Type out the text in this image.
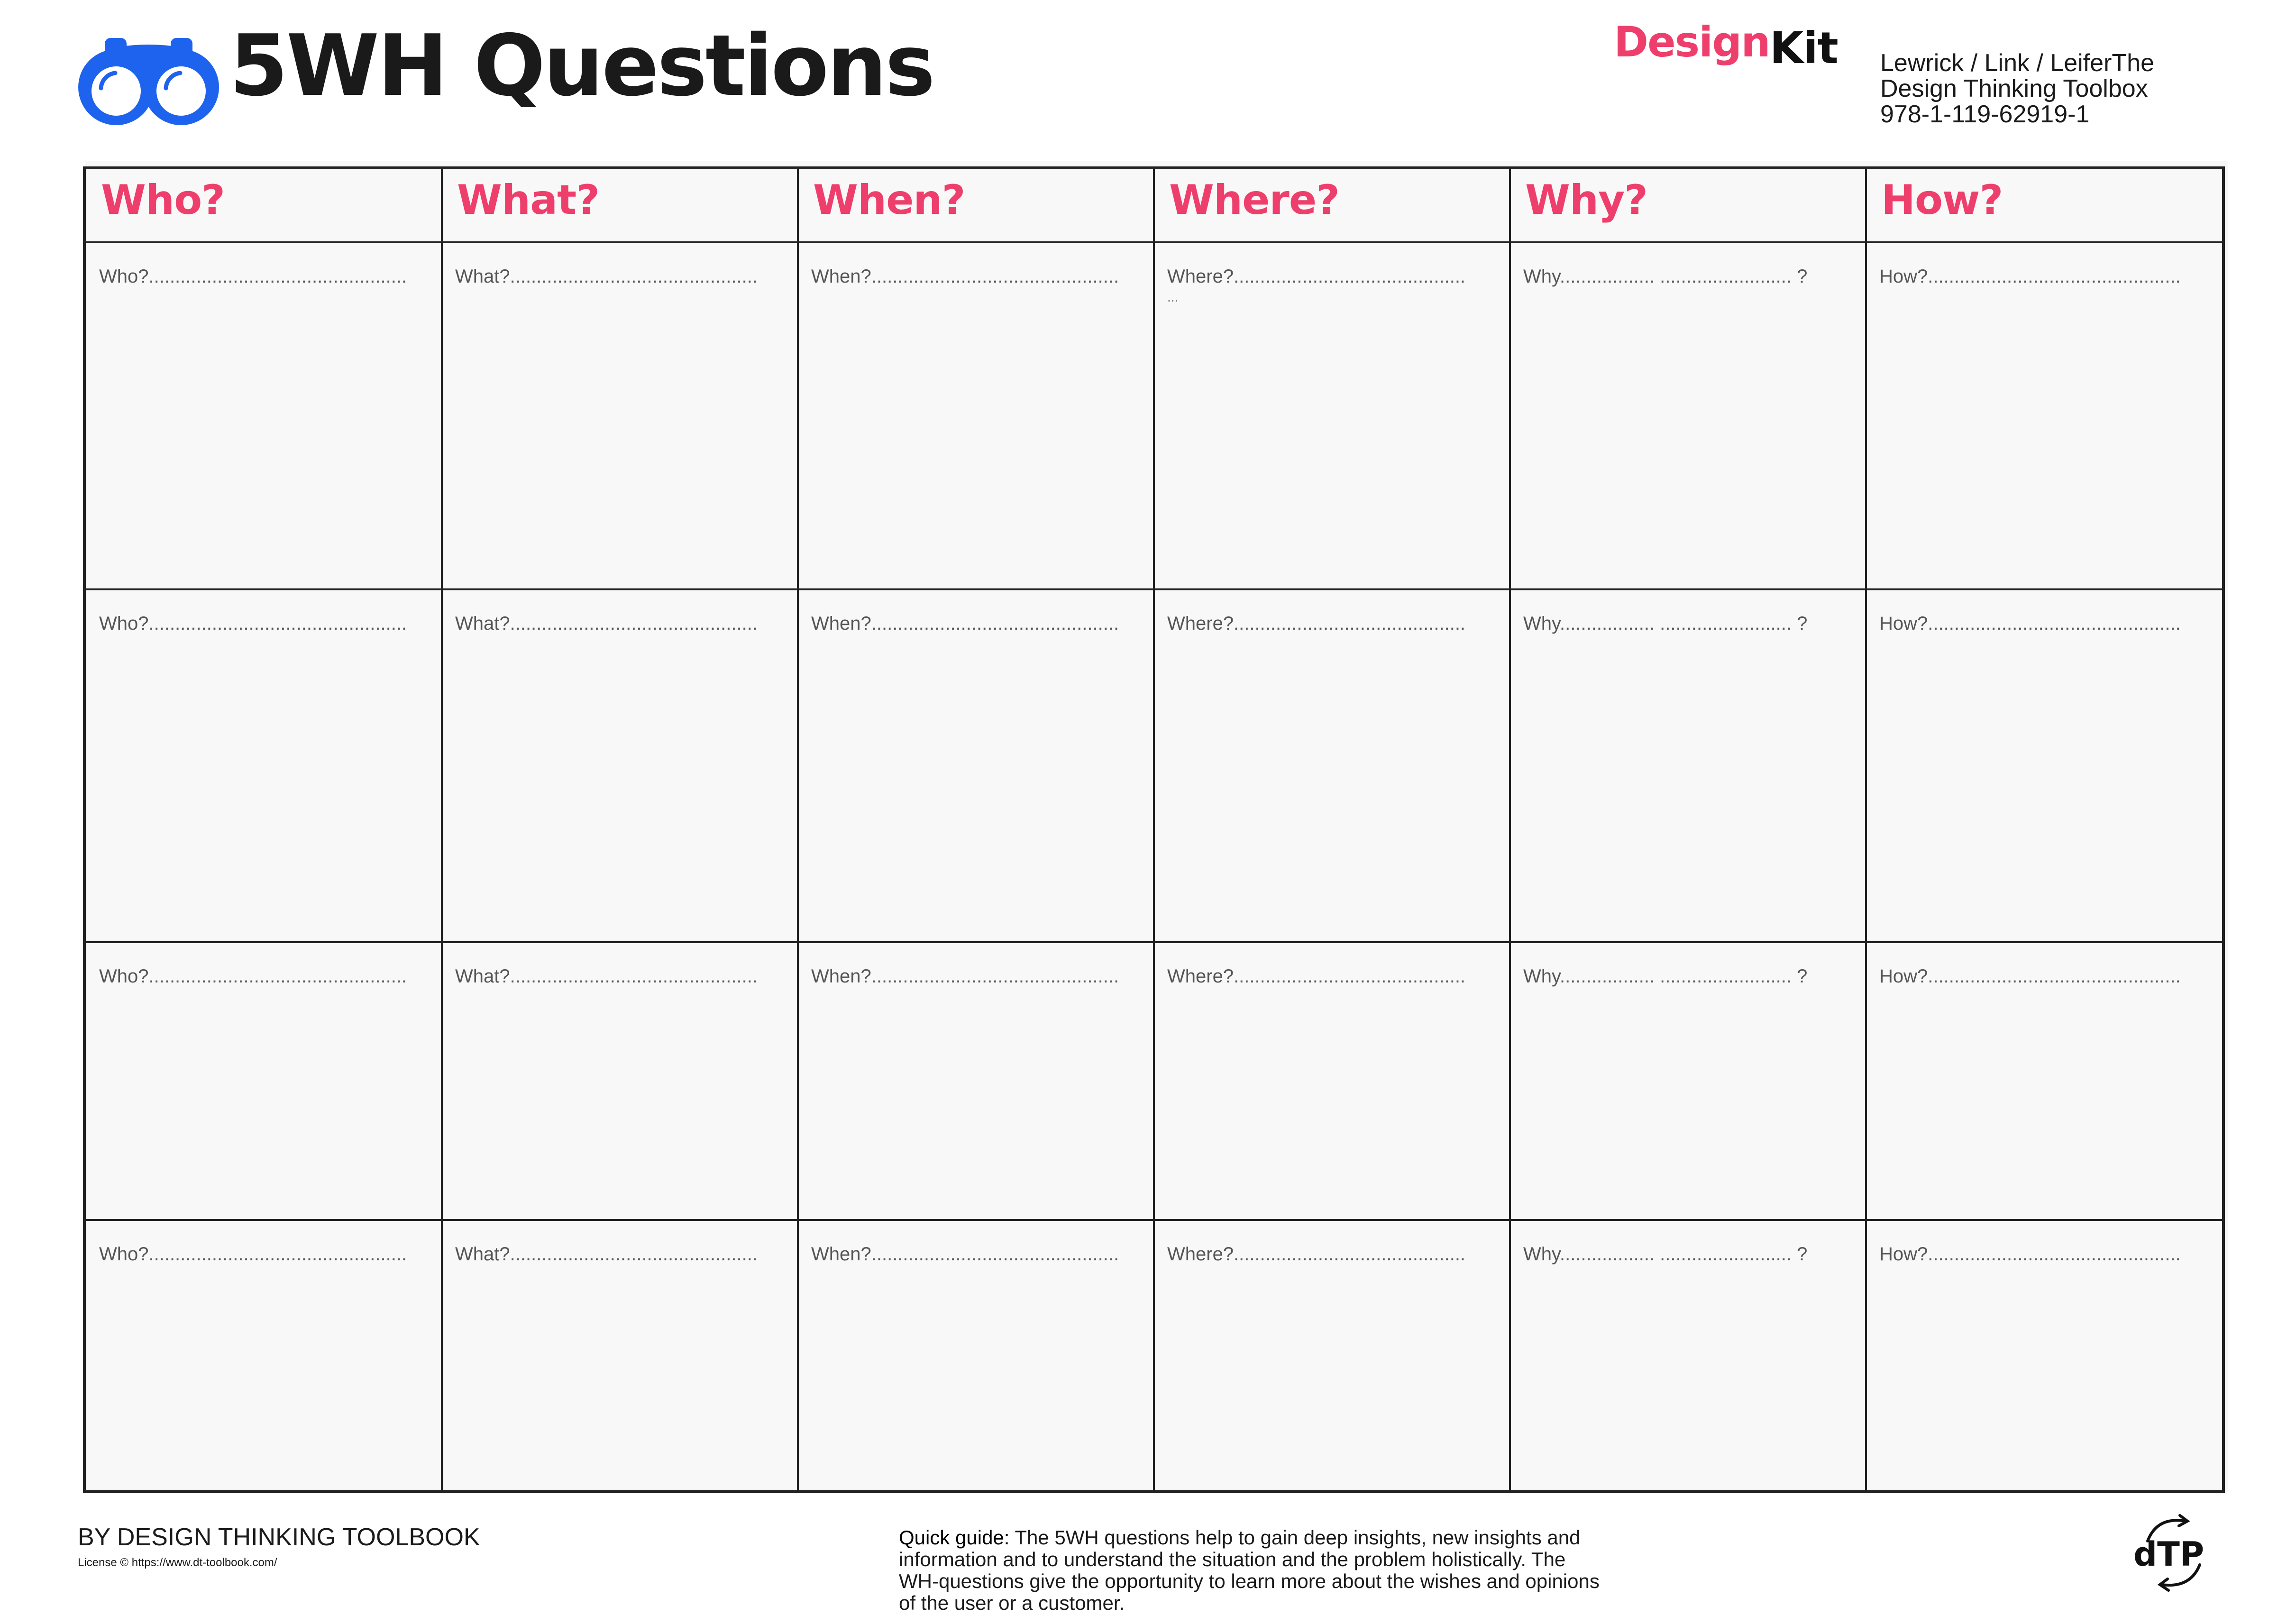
5WH Questions	DesignKit Lewrick / Link / LeiferThe
Design Thinking Toolbox
978-1-119-62919-1
Who?
Who?.................................................
Who?.................................................
Who?.................................................
Who?.................................................
What?
What?...............................................
What?...............................................
What?...............................................
What?...............................................
When?
When?...............................................
When?...............................................
When?...............................................
When?...............................................
Where?
Where?............................................
Where?............................................
Where?............................................
Where?............................................
Why?
Why.................. ......................... ?
Why.................. ......................... ?
Why.................. ......................... ?
Why.................. ......................... ?
How?
How?................................................
How?................................................
How?................................................
How?................................................
...
BY DESIGN THINKING TOOLBOOK
License © https://www.dt-toolbook.com/
Quick guide: The 5WH questions help to gain deep insights, new insights and information and to understand the situation and the problem holistically. The WH-questions give the opportunity to learn more about the wishes and opinions of the user or a customer.
dTP
